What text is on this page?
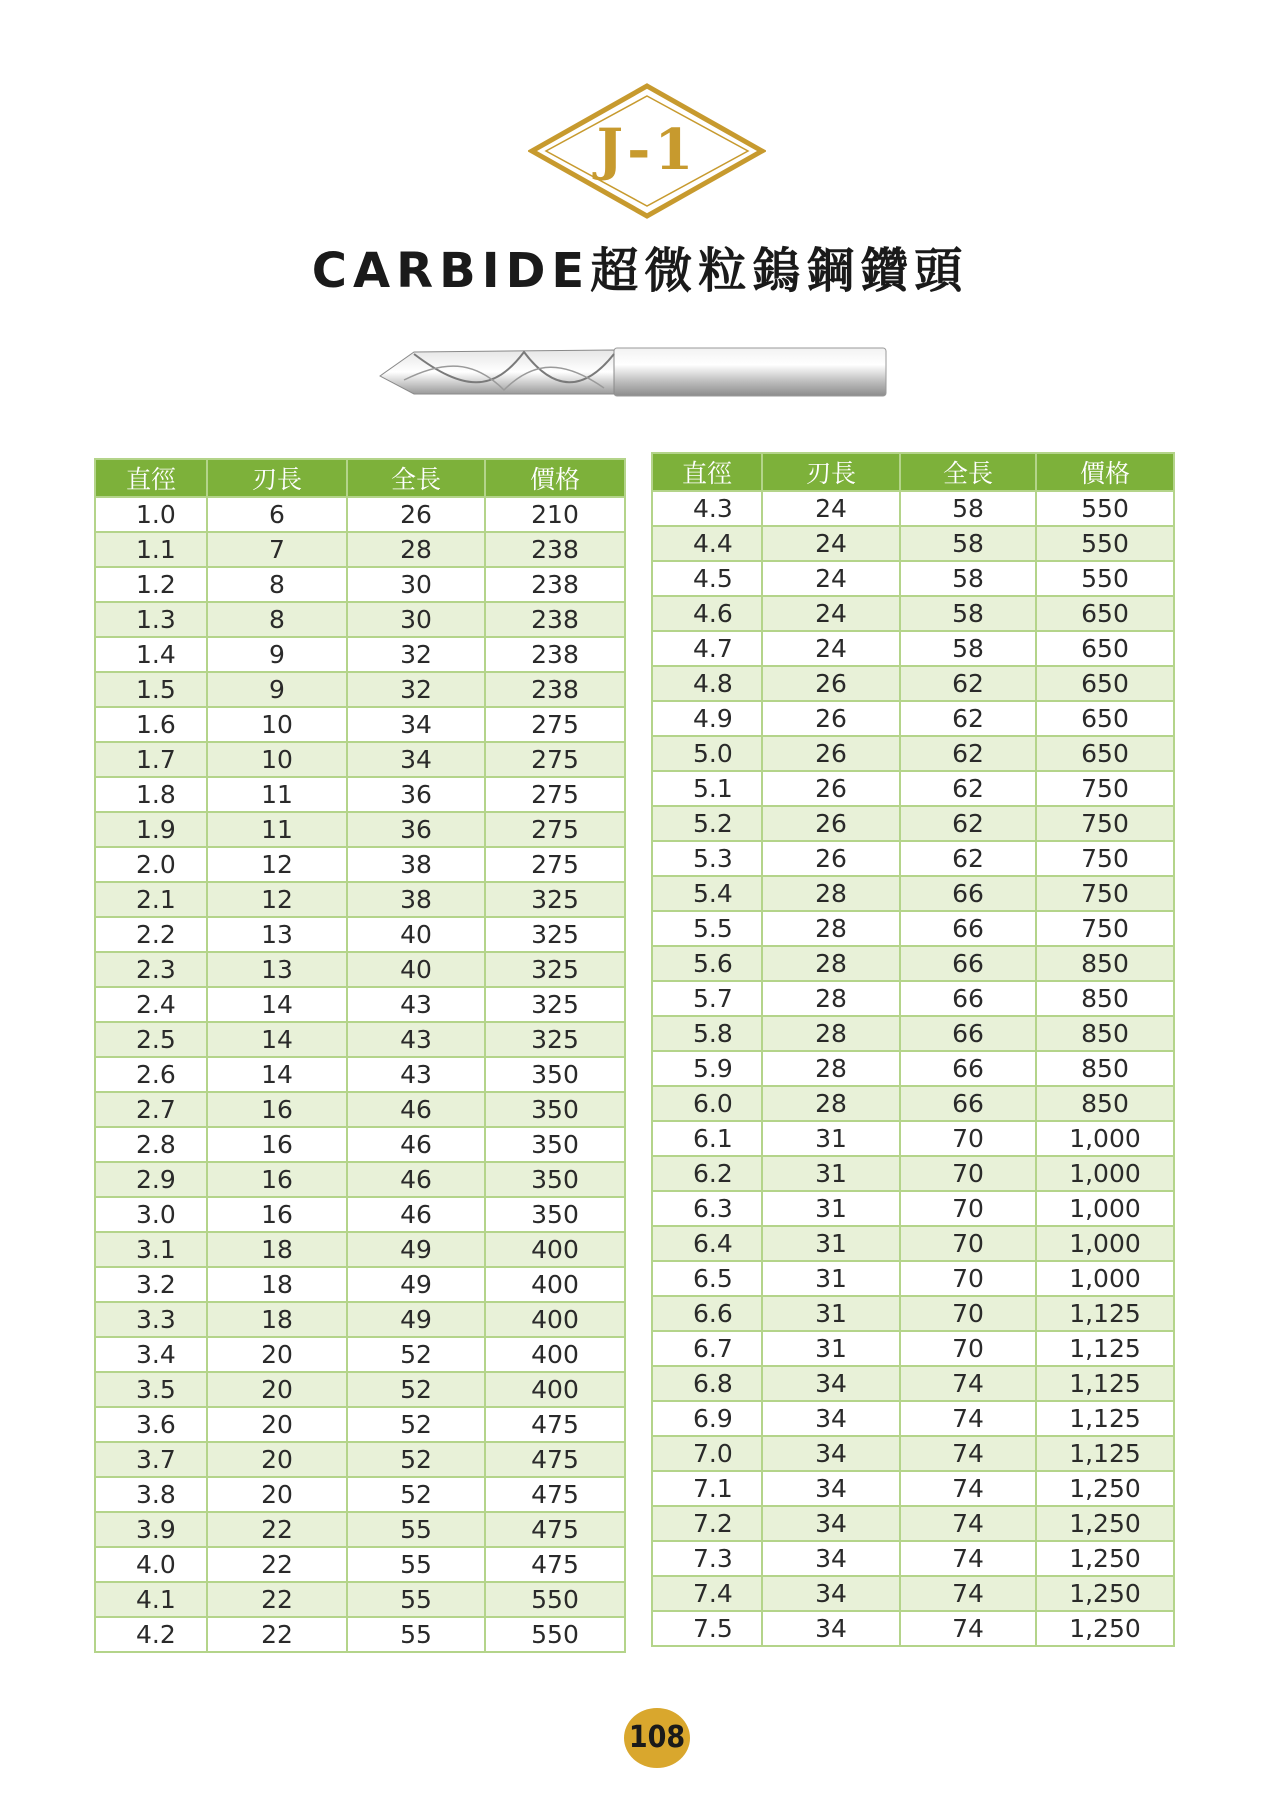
J-1
CARBIDE超微粒鎢鋼鑽頭
直徑	刃長	全長	價格
1.0	6	26	210
1.1	7	28	238
1.2	8	30	238
1.3	8	30	238
1.4	9	32	238
1.5	9	32	238
1.6	10	34	275
1.7	10	34	275
1.8	11	36	275
1.9	11	36	275
2.0	12	38	275
2.1	12	38	325
2.2	13	40	325
2.3	13	40	325
2.4	14	43	325
2.5	14	43	325
2.6	14	43	350
2.7	16	46	350
2.8	16	46	350
2.9	16	46	350
3.0	16	46	350
3.1	18	49	400
3.2	18	49	400
3.3	18	49	400
3.4	20	52	400
3.5	20	52	400
3.6	20	52	475
3.7	20	52	475
3.8	20	52	475
3.9	22	55	475
4.0	22	55	475
4.1	22	55	550
4.2	22	55	550
直徑	刃長	全長	價格
4.3	24	58	550
4.4	24	58	550
4.5	24	58	550
4.6	24	58	650
4.7	24	58	650
4.8	26	62	650
4.9	26	62	650
5.0	26	62	650
5.1	26	62	750
5.2	26	62	750
5.3	26	62	750
5.4	28	66	750
5.5	28	66	750
5.6	28	66	850
5.7	28	66	850
5.8	28	66	850
5.9	28	66	850
6.0	28	66	850
6.1	31	70	1,000
6.2	31	70	1,000
6.3	31	70	1,000
6.4	31	70	1,000
6.5	31	70	1,000
6.6	31	70	1,125
6.7	31	70	1,125
6.8	34	74	1,125
6.9	34	74	1,125
7.0	34	74	1,125
7.1	34	74	1,250
7.2	34	74	1,250
7.3	34	74	1,250
7.4	34	74	1,250
7.5	34	74	1,250
108
